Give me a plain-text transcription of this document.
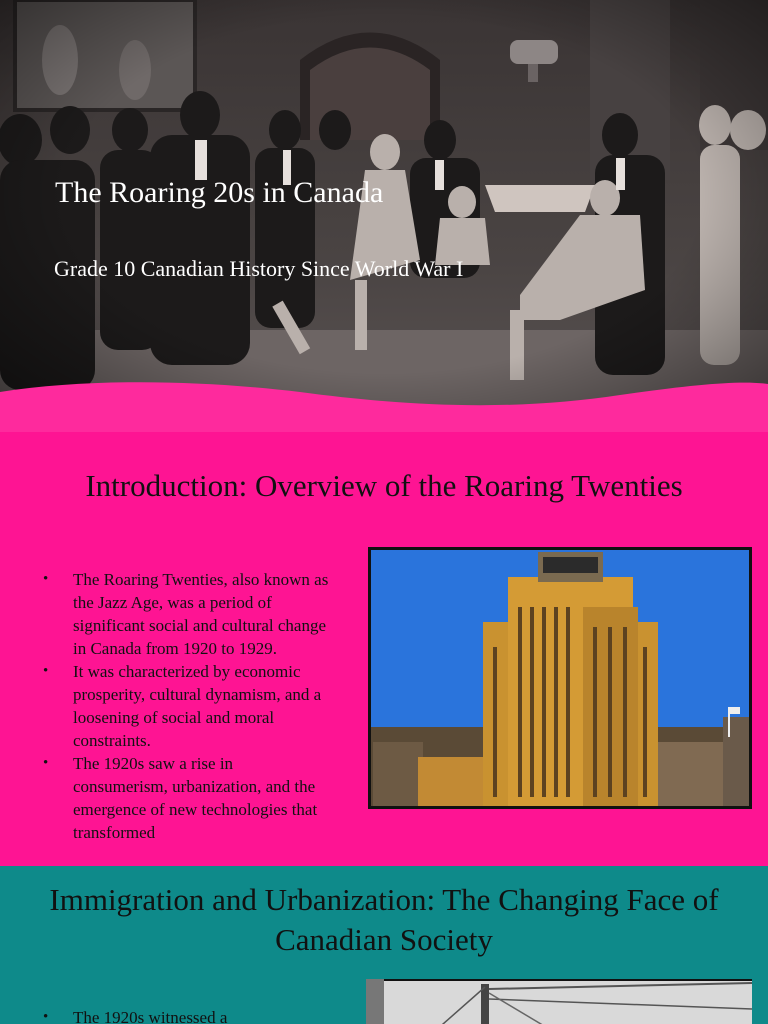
The Roaring 20s in Canada
Grade 10 Canadian History Since World War I
Introduction: Overview of the Roaring Twenties
• The Roaring Twenties, also known as the Jazz Age, was a period of significant social and cultural change in Canada from 1920 to 1929.
• It was characterized by economic prosperity, cultural dynamism, and a loosening of social and moral constraints.
• The 1920s saw a rise in consumerism, urbanization, and the emergence of new technologies that transformed
Immigration and Urbanization: The Changing Face of Canadian Society
• The 1920s witnessed a
